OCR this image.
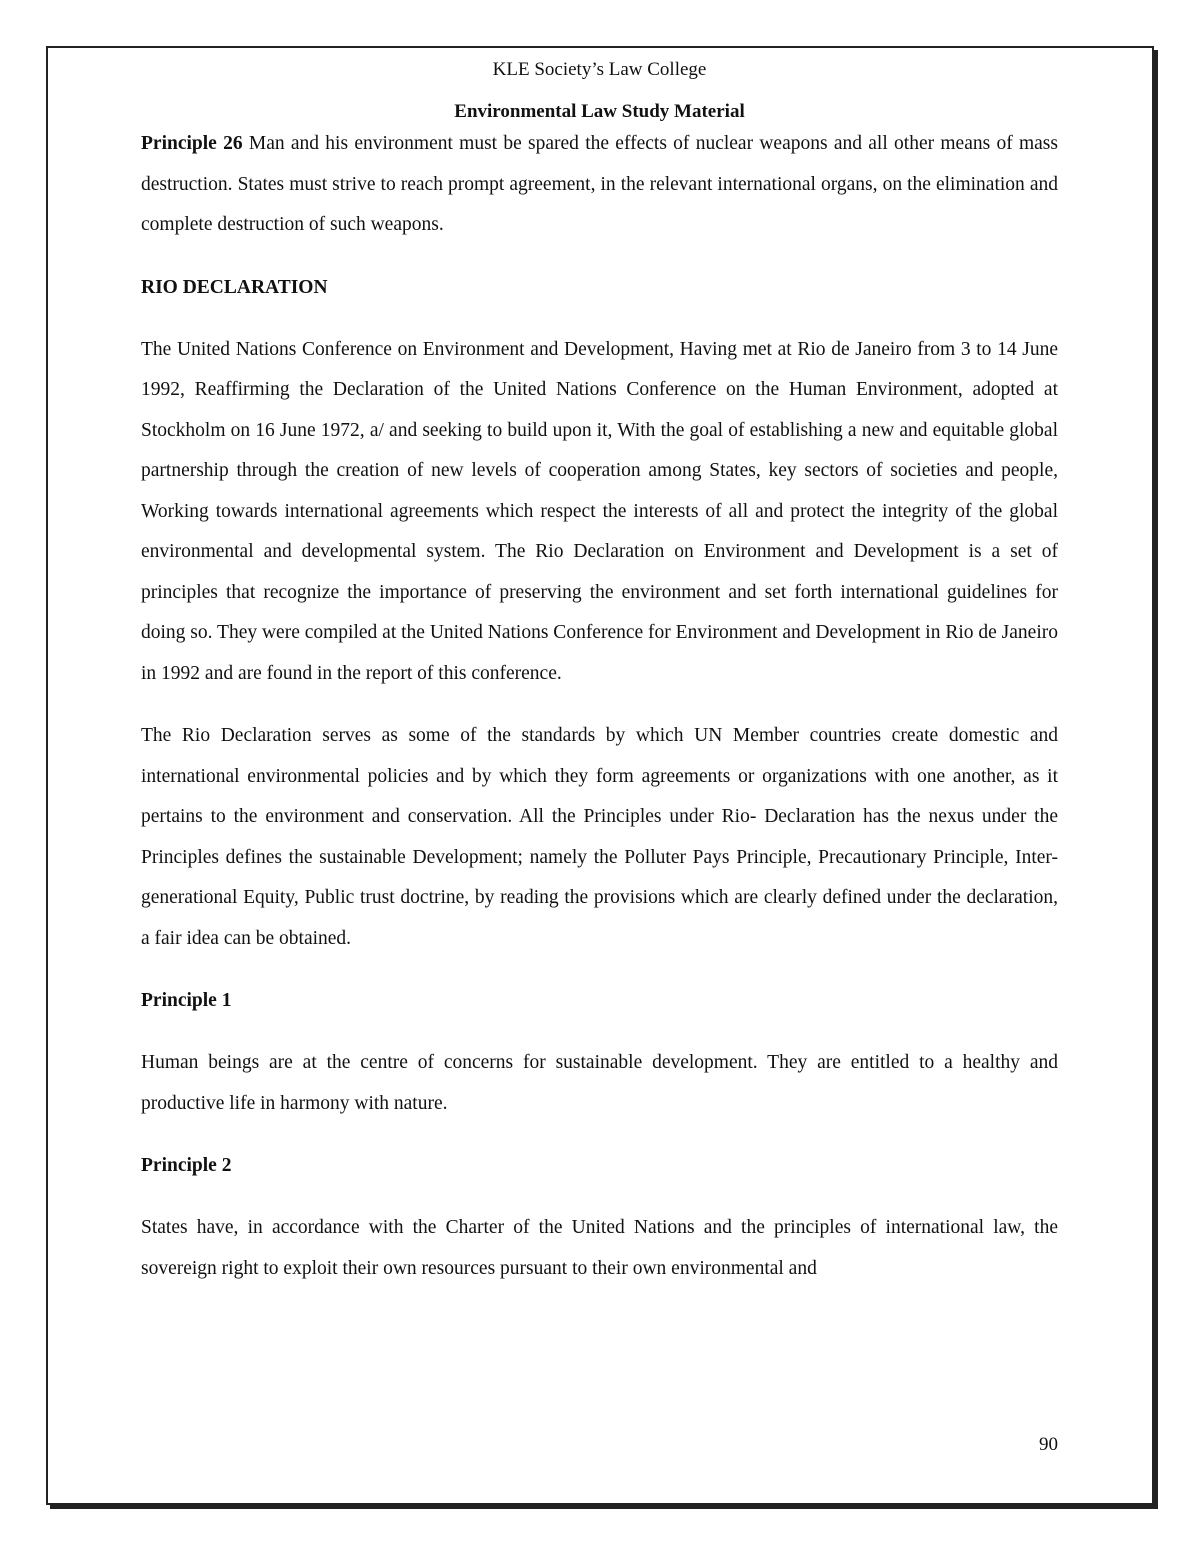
KLE Society’s Law College

Environmental Law Study Material

Principle 26 Man and his environment must be spared the effects of nuclear weapons and all other means of mass destruction. States must strive to reach prompt agreement, in the relevant international organs, on the elimination and complete destruction of such weapons.

RIO DECLARATION

The United Nations Conference on Environment and Development, Having met at Rio de Janeiro from 3 to 14 June 1992, Reaffirming the Declaration of the United Nations Conference on the Human Environment, adopted at Stockholm on 16 June 1972, a/ and seeking to build upon it, With the goal of establishing a new and equitable global partnership through the creation of new levels of cooperation among States, key sectors of societies and people, Working towards international agreements which respect the interests of all and protect the integrity of the global environmental and developmental system. The Rio Declaration on Environment and Development is a set of principles that recognize the importance of preserving the environment and set forth international guidelines for doing so. They were compiled at the United Nations Conference for Environment and Development in Rio de Janeiro in 1992 and are found in the report of this conference.

The Rio Declaration serves as some of the standards by which UN Member countries create domestic and international environmental policies and by which they form agreements or organizations with one another, as it pertains to the environment and conservation. All the Principles under Rio- Declaration has the nexus under the Principles defines the sustainable Development; namely the Polluter Pays Principle, Precautionary Principle, Inter- generational Equity, Public trust doctrine, by reading the provisions which are clearly defined under the declaration, a fair idea can be obtained.

Principle 1

Human beings are at the centre of concerns for sustainable development. They are entitled to a healthy and productive life in harmony with nature.

Principle 2

States have, in accordance with the Charter of the United Nations and the principles of international law, the sovereign right to exploit their own resources pursuant to their own environmental and

90
